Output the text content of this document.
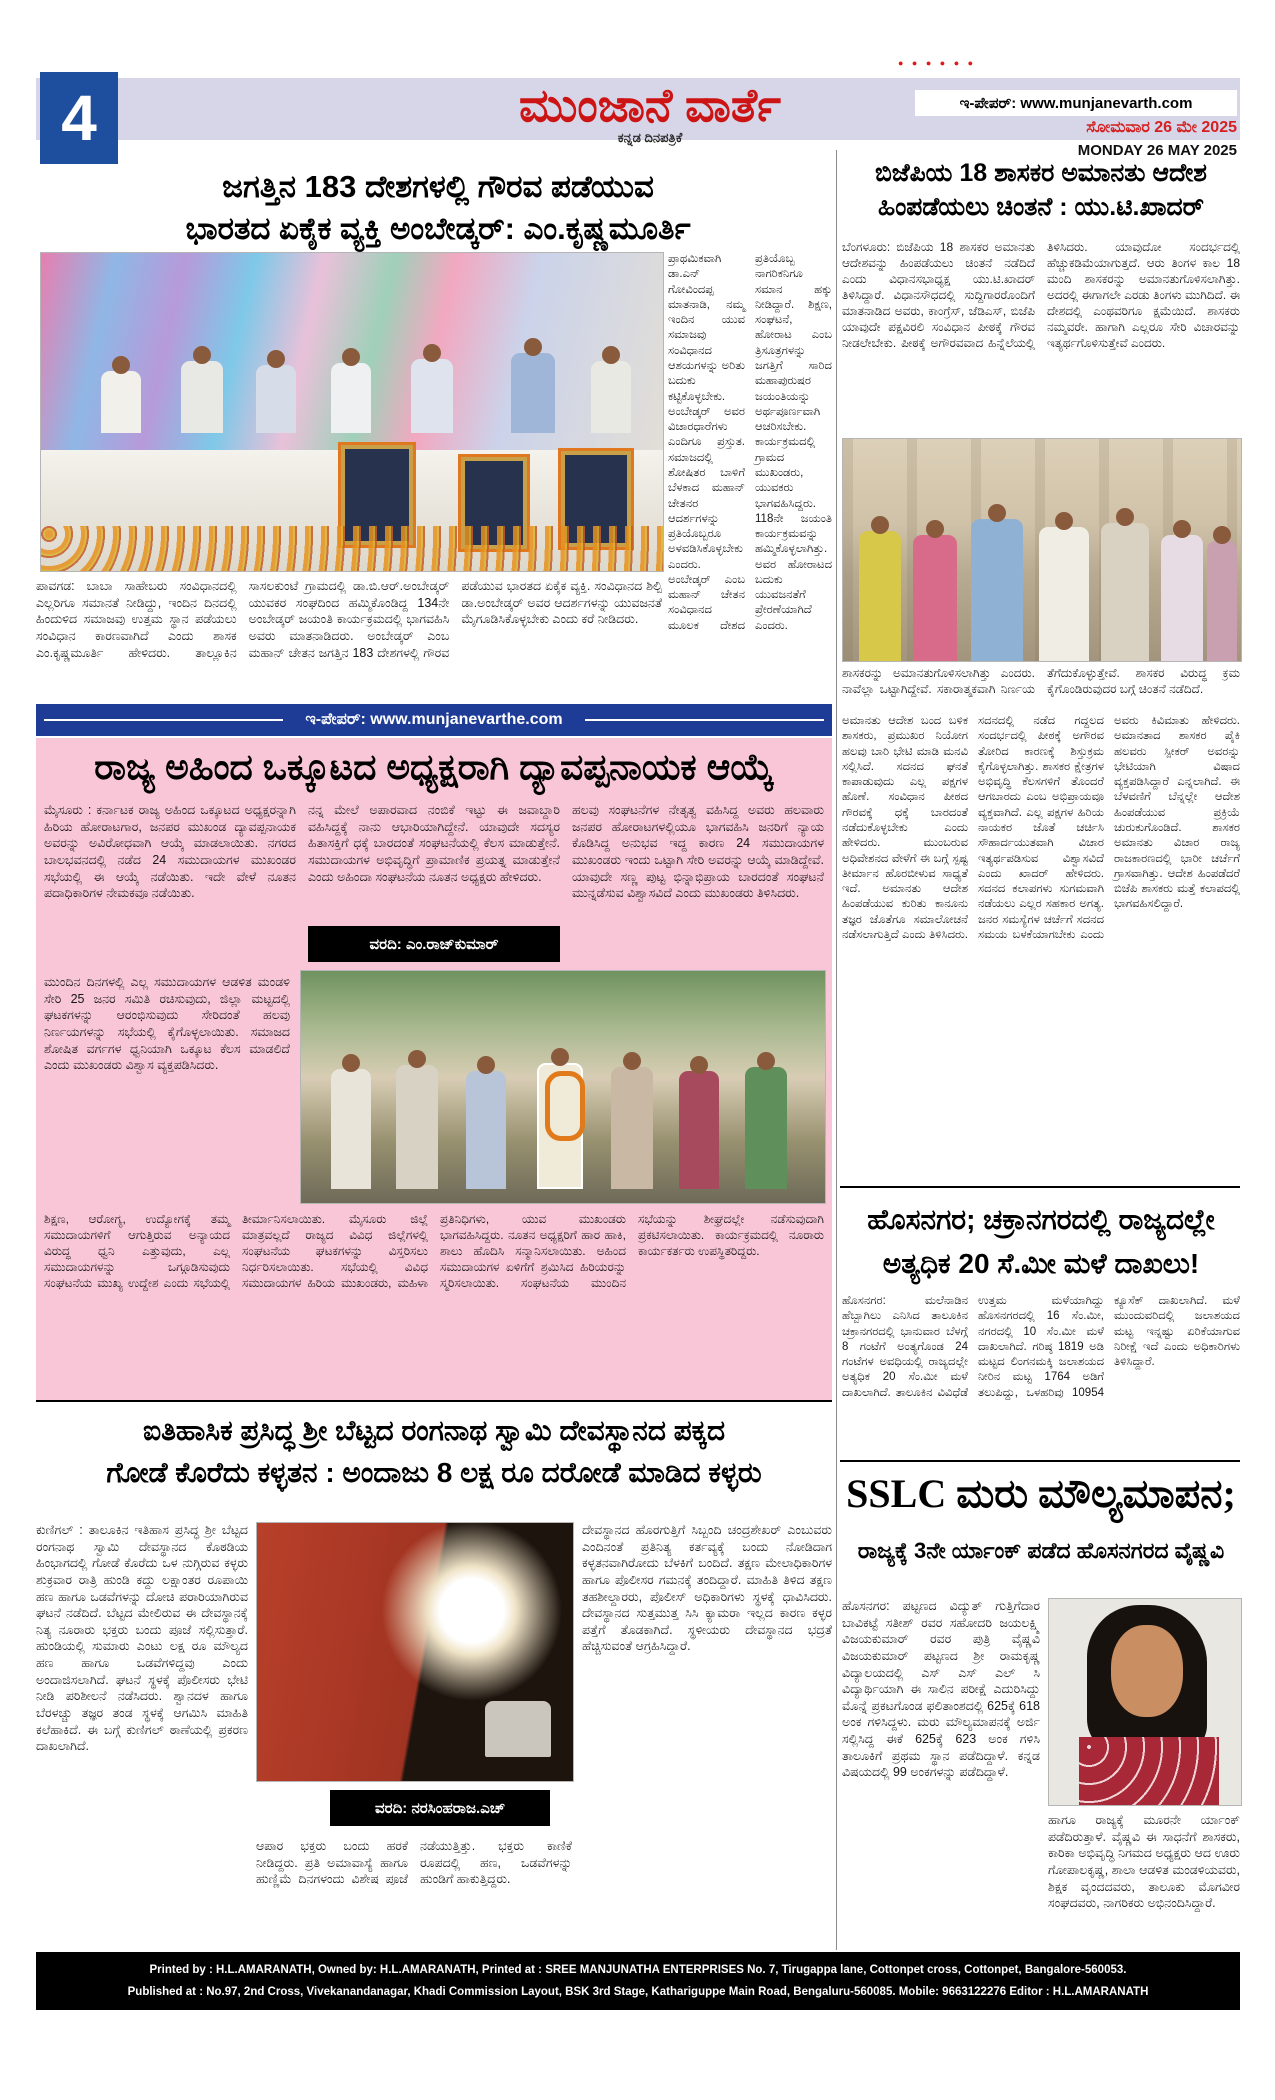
4
● ● ● ● ● ●
ಮುಂಜಾನೆ ವಾರ್ತೆ
ಕನ್ನಡ ದಿನಪತ್ರಿಕೆ
ಇ-ಪೇಪರ್: www.munjanevarth.com
ಸೋಮವಾರ 26 ಮೇ 2025
MONDAY 26 MAY 2025
ಜಗತ್ತಿನ 183 ದೇಶಗಳಲ್ಲಿ ಗೌರವ ಪಡೆಯುವ
ಭಾರತದ ಏಕೈಕ ವ್ಯಕ್ತಿ ಅಂಬೇಡ್ಕರ್: ಎಂ.ಕೃಷ್ಣಮೂರ್ತಿ
ಪ್ರಾಥಮಿಕವಾಗಿ ಡಾ.ಎನ್ ಗೋವಿಂದಪ್ಪ ಮಾತನಾಡಿ, ನಮ್ಮ ಇಂದಿನ ಯುವ ಸಮಾಜವು ಸಂವಿಧಾನದ ಆಶಯಗಳನ್ನು ಅರಿತು ಬದುಕು ಕಟ್ಟಿಕೊಳ್ಳಬೇಕು. ಅಂಬೇಡ್ಕರ್ ಅವರ ವಿಚಾರಧಾರೆಗಳು ಎಂದಿಗೂ ಪ್ರಸ್ತುತ. ಸಮಾಜದಲ್ಲಿ ಶೋಷಿತರ ಬಾಳಿಗೆ ಬೆಳಕಾದ ಮಹಾನ್ ಚೇತನರ ಆದರ್ಶಗಳನ್ನು ಪ್ರತಿಯೊಬ್ಬರೂ ಅಳವಡಿಸಿಕೊಳ್ಳಬೇಕು ಎಂದರು. ಅಂಬೇಡ್ಕರ್ ಎಂಬ ಮಹಾನ್ ಚೇತನ ಸಂವಿಧಾನದ ಮೂಲಕ ದೇಶದ ಪ್ರತಿಯೊಬ್ಬ ನಾಗರಿಕನಿಗೂ ಸಮಾನ ಹಕ್ಕು ನೀಡಿದ್ದಾರೆ. ಶಿಕ್ಷಣ, ಸಂಘಟನೆ, ಹೋರಾಟ ಎಂಬ ತ್ರಿಸೂತ್ರಗಳನ್ನು ಜಗತ್ತಿಗೆ ಸಾರಿದ ಮಹಾಪುರುಷರ ಜಯಂತಿಯನ್ನು ಅರ್ಥಪೂರ್ಣವಾಗಿ ಆಚರಿಸಬೇಕು. ಕಾರ್ಯಕ್ರಮದಲ್ಲಿ ಗ್ರಾಮದ ಮುಖಂಡರು, ಯುವಕರು ಭಾಗವಹಿಸಿದ್ದರು. 118ನೇ ಜಯಂತಿ ಕಾರ್ಯಕ್ರಮವನ್ನು ಹಮ್ಮಿಕೊಳ್ಳಲಾಗಿತ್ತು. ಅವರ ಹೋರಾಟದ ಬದುಕು ಯುವಜನತೆಗೆ ಪ್ರೇರಣೆಯಾಗಿದೆ ಎಂದರು.
ಪಾವಗಡ: ಬಾಬಾ ಸಾಹೇಬರು ಸಂವಿಧಾನದಲ್ಲಿ ಎಲ್ಲರಿಗೂ ಸಮಾನತೆ ನೀಡಿದ್ದು, ಇಂದಿನ ದಿನದಲ್ಲಿ ಹಿಂದುಳಿದ ಸಮಾಜವು ಉತ್ತಮ ಸ್ಥಾನ ಪಡೆಯಲು ಸಂವಿಧಾನ ಕಾರಣವಾಗಿದೆ ಎಂದು ಶಾಸಕ ಎಂ.ಕೃಷ್ಣಮೂರ್ತಿ ಹೇಳಿದರು. ತಾಲ್ಲೂಕಿನ ಸಾಸಲಕುಂಟೆ ಗ್ರಾಮದಲ್ಲಿ ಡಾ.ಬಿ.ಆರ್.ಅಂಬೇಡ್ಕರ್ ಯುವಕರ ಸಂಘದಿಂದ ಹಮ್ಮಿಕೊಂಡಿದ್ದ 134ನೇ ಅಂಬೇಡ್ಕರ್ ಜಯಂತಿ ಕಾರ್ಯಕ್ರಮದಲ್ಲಿ ಭಾಗವಹಿಸಿ ಅವರು ಮಾತನಾಡಿದರು. ಅಂಬೇಡ್ಕರ್ ಎಂಬ ಮಹಾನ್ ಚೇತನ ಜಗತ್ತಿನ 183 ದೇಶಗಳಲ್ಲಿ ಗೌರವ ಪಡೆಯುವ ಭಾರತದ ಏಕೈಕ ವ್ಯಕ್ತಿ. ಸಂವಿಧಾನದ ಶಿಲ್ಪಿ ಡಾ.ಅಂಬೇಡ್ಕರ್ ಅವರ ಆದರ್ಶಗಳನ್ನು ಯುವಜನತೆ ಮೈಗೂಡಿಸಿಕೊಳ್ಳಬೇಕು ಎಂದು ಕರೆ ನೀಡಿದರು.
ಇ-ಪೇಪರ್: www.munjanevarthe.com
ರಾಜ್ಯ ಅಹಿಂದ ಒಕ್ಕೂಟದ ಅಧ್ಯಕ್ಷರಾಗಿ ದ್ಯಾವಪ್ಪನಾಯಕ ಆಯ್ಕೆ
ಮೈಸೂರು : ಕರ್ನಾಟಕ ರಾಜ್ಯ ಅಹಿಂದ ಒಕ್ಕೂಟದ ಅಧ್ಯಕ್ಷರನ್ನಾಗಿ ಹಿರಿಯ ಹೋರಾಟಗಾರ, ಜನಪರ ಮುಖಂಡ ದ್ಯಾವಪ್ಪನಾಯಕ ಅವರನ್ನು ಅವಿರೋಧವಾಗಿ ಆಯ್ಕೆ ಮಾಡಲಾಯಿತು. ನಗರದ ಬಾಲಭವನದಲ್ಲಿ ನಡೆದ 24 ಸಮುದಾಯಗಳ ಮುಖಂಡರ ಸಭೆಯಲ್ಲಿ ಈ ಆಯ್ಕೆ ನಡೆಯಿತು. ಇದೇ ವೇಳೆ ನೂತನ ಪದಾಧಿಕಾರಿಗಳ ನೇಮಕವೂ ನಡೆಯಿತು.
ನನ್ನ ಮೇಲೆ ಅಪಾರವಾದ ನಂಬಿಕೆ ಇಟ್ಟು ಈ ಜವಾಬ್ದಾರಿ ವಹಿಸಿದ್ದಕ್ಕೆ ನಾನು ಆಭಾರಿಯಾಗಿದ್ದೇನೆ. ಯಾವುದೇ ಸದಸ್ಯರ ಹಿತಾಸಕ್ತಿಗೆ ಧಕ್ಕೆ ಬಾರದಂತೆ ಸಂಘಟನೆಯಲ್ಲಿ ಕೆಲಸ ಮಾಡುತ್ತೇನೆ. ಸಮುದಾಯಗಳ ಅಭಿವೃದ್ಧಿಗೆ ಪ್ರಾಮಾಣಿಕ ಪ್ರಯತ್ನ ಮಾಡುತ್ತೇನೆ ಎಂದು ಅಹಿಂದಾ ಸಂಘಟನೆಯ ನೂತನ ಅಧ್ಯಕ್ಷರು ಹೇಳಿದರು.
ವರದಿ: ಎಂ.ರಾಜ್‌ಕುಮಾರ್
ಹಲವು ಸಂಘಟನೆಗಳ ನೇತೃತ್ವ ವಹಿಸಿದ್ದ ಅವರು ಹಲವಾರು ಜನಪರ ಹೋರಾಟಗಳಲ್ಲಿಯೂ ಭಾಗವಹಿಸಿ ಜನರಿಗೆ ನ್ಯಾಯ ಕೊಡಿಸಿದ್ದ ಅನುಭವ ಇದ್ದ ಕಾರಣ 24 ಸಮುದಾಯಗಳ ಮುಖಂಡರು ಇಂದು ಒಟ್ಟಾಗಿ ಸೇರಿ ಅವರನ್ನು ಆಯ್ಕೆ ಮಾಡಿದ್ದೇವೆ. ಯಾವುದೇ ಸಣ್ಣ ಪುಟ್ಟ ಭಿನ್ನಾಭಿಪ್ರಾಯ ಬಾರದಂತೆ ಸಂಘಟನೆ ಮುನ್ನಡೆಸುವ ವಿಶ್ವಾಸವಿದೆ ಎಂದು ಮುಖಂಡರು ತಿಳಿಸಿದರು.
ಮುಂದಿನ ದಿನಗಳಲ್ಲಿ ಎಲ್ಲ ಸಮುದಾಯಗಳ ಆಡಳಿತ ಮಂಡಳಿ ಸೇರಿ 25 ಜನರ ಸಮಿತಿ ರಚಿಸುವುದು, ಜಿಲ್ಲಾ ಮಟ್ಟದಲ್ಲಿ ಘಟಕಗಳನ್ನು ಆರಂಭಿಸುವುದು ಸೇರಿದಂತೆ ಹಲವು ನಿರ್ಣಯಗಳನ್ನು ಸಭೆಯಲ್ಲಿ ಕೈಗೊಳ್ಳಲಾಯಿತು. ಸಮಾಜದ ಶೋಷಿತ ವರ್ಗಗಳ ಧ್ವನಿಯಾಗಿ ಒಕ್ಕೂಟ ಕೆಲಸ ಮಾಡಲಿದೆ ಎಂದು ಮುಖಂಡರು ವಿಶ್ವಾಸ ವ್ಯಕ್ತಪಡಿಸಿದರು.
ಶಿಕ್ಷಣ, ಆರೋಗ್ಯ, ಉದ್ಯೋಗಕ್ಕೆ ತಮ್ಮ ಸಮುದಾಯಗಳಿಗೆ ಆಗುತ್ತಿರುವ ಅನ್ಯಾಯದ ವಿರುದ್ಧ ಧ್ವನಿ ಎತ್ತುವುದು, ಎಲ್ಲ ಸಮುದಾಯಗಳನ್ನು ಒಗ್ಗೂಡಿಸುವುದು ಸಂಘಟನೆಯ ಮುಖ್ಯ ಉದ್ದೇಶ ಎಂದು ಸಭೆಯಲ್ಲಿ ತೀರ್ಮಾನಿಸಲಾಯಿತು. ಮೈಸೂರು ಜಿಲ್ಲೆ ಮಾತ್ರವಲ್ಲದೆ ರಾಜ್ಯದ ವಿವಿಧ ಜಿಲ್ಲೆಗಳಲ್ಲಿ ಸಂಘಟನೆಯ ಘಟಕಗಳನ್ನು ವಿಸ್ತರಿಸಲು ನಿರ್ಧರಿಸಲಾಯಿತು. ಸಭೆಯಲ್ಲಿ ವಿವಿಧ ಸಮುದಾಯಗಳ ಹಿರಿಯ ಮುಖಂಡರು, ಮಹಿಳಾ ಪ್ರತಿನಿಧಿಗಳು, ಯುವ ಮುಖಂಡರು ಭಾಗವಹಿಸಿದ್ದರು. ನೂತನ ಅಧ್ಯಕ್ಷರಿಗೆ ಹಾರ ಹಾಕಿ, ಶಾಲು ಹೊದಿಸಿ ಸನ್ಮಾನಿಸಲಾಯಿತು. ಅಹಿಂದ ಸಮುದಾಯಗಳ ಏಳಿಗೆಗೆ ಶ್ರಮಿಸಿದ ಹಿರಿಯರನ್ನು ಸ್ಮರಿಸಲಾಯಿತು. ಸಂಘಟನೆಯ ಮುಂದಿನ ಸಭೆಯನ್ನು ಶೀಘ್ರದಲ್ಲೇ ನಡೆಸುವುದಾಗಿ ಪ್ರಕಟಿಸಲಾಯಿತು. ಕಾರ್ಯಕ್ರಮದಲ್ಲಿ ನೂರಾರು ಕಾರ್ಯಕರ್ತರು ಉಪಸ್ಥಿತರಿದ್ದರು.
ಐತಿಹಾಸಿಕ ಪ್ರಸಿದ್ಧ ಶ್ರೀ ಬೆಟ್ಟದ ರಂಗನಾಥ ಸ್ವಾಮಿ ದೇವಸ್ಥಾನದ ಪಕ್ಕದ
ಗೋಡೆ ಕೊರೆದು ಕಳ್ಳತನ : ಅಂದಾಜು 8 ಲಕ್ಷ ರೂ ದರೋಡೆ ಮಾಡಿದ ಕಳ್ಳರು
ಕುಣಿಗಲ್ : ತಾಲೂಕಿನ ಇತಿಹಾಸ ಪ್ರಸಿದ್ಧ ಶ್ರೀ ಬೆಟ್ಟದ ರಂಗನಾಥ ಸ್ವಾಮಿ ದೇವಸ್ಥಾನದ ಕೊಠಡಿಯ ಹಿಂಭಾಗದಲ್ಲಿ ಗೋಡೆ ಕೊರೆದು ಒಳ ನುಗ್ಗಿರುವ ಕಳ್ಳರು ಶುಕ್ರವಾರ ರಾತ್ರಿ ಹುಂಡಿ ಕದ್ದು ಲಕ್ಷಾಂತರ ರೂಪಾಯಿ ಹಣ ಹಾಗೂ ಒಡವೆಗಳನ್ನು ದೋಚಿ ಪರಾರಿಯಾಗಿರುವ ಘಟನೆ ನಡೆದಿದೆ. ಬೆಟ್ಟದ ಮೇಲಿರುವ ಈ ದೇವಸ್ಥಾನಕ್ಕೆ ನಿತ್ಯ ನೂರಾರು ಭಕ್ತರು ಬಂದು ಪೂಜೆ ಸಲ್ಲಿಸುತ್ತಾರೆ. ಹುಂಡಿಯಲ್ಲಿ ಸುಮಾರು ಎಂಟು ಲಕ್ಷ ರೂ ಮೌಲ್ಯದ ಹಣ ಹಾಗೂ ಒಡವೆಗಳಿದ್ದವು ಎಂದು ಅಂದಾಜಿಸಲಾಗಿದೆ. ಘಟನೆ ಸ್ಥಳಕ್ಕೆ ಪೊಲೀಸರು ಭೇಟಿ ನೀಡಿ ಪರಿಶೀಲನೆ ನಡೆಸಿದರು. ಶ್ವಾನದಳ ಹಾಗೂ ಬೆರಳಚ್ಚು ತಜ್ಞರ ತಂಡ ಸ್ಥಳಕ್ಕೆ ಆಗಮಿಸಿ ಮಾಹಿತಿ ಕಲೆಹಾಕಿದೆ. ಈ ಬಗ್ಗೆ ಕುಣಿಗಲ್ ಠಾಣೆಯಲ್ಲಿ ಪ್ರಕರಣ ದಾಖಲಾಗಿದೆ.
ವರದಿ: ನರಸಿಂಹರಾಜ.ಎಚ್
ಆಪಾರ ಭಕ್ತರು ಬಂದು ಹರಕೆ ನೀಡಿದ್ದರು. ಪ್ರತಿ ಅಮಾವಾಸ್ಯೆ ಹಾಗೂ ಹುಣ್ಣಿಮೆ ದಿನಗಳಂದು ವಿಶೇಷ ಪೂಜೆ ನಡೆಯುತ್ತಿತ್ತು. ಭಕ್ತರು ಕಾಣಿಕೆ ರೂಪದಲ್ಲಿ ಹಣ, ಒಡವೆಗಳನ್ನು ಹುಂಡಿಗೆ ಹಾಕುತ್ತಿದ್ದರು.
ದೇವಸ್ಥಾನದ ಹೊರಗುತ್ತಿಗೆ ಸಿಬ್ಬಂದಿ ಚಂದ್ರಶೇಖರ್ ಎಂಬುವರು ಎಂದಿನಂತೆ ಪ್ರತಿನಿತ್ಯ ಕರ್ತವ್ಯಕ್ಕೆ ಬಂದು ನೋಡಿದಾಗ ಕಳ್ಳತನವಾಗಿರೋದು ಬೆಳಕಿಗೆ ಬಂದಿದೆ. ತಕ್ಷಣ ಮೇಲಾಧಿಕಾರಿಗಳ ಹಾಗೂ ಪೊಲೀಸರ ಗಮನಕ್ಕೆ ತಂದಿದ್ದಾರೆ. ಮಾಹಿತಿ ತಿಳಿದ ತಕ್ಷಣ ತಹಶೀಲ್ದಾರರು, ಪೊಲೀಸ್ ಅಧಿಕಾರಿಗಳು ಸ್ಥಳಕ್ಕೆ ಧಾವಿಸಿದರು. ದೇವಸ್ಥಾನದ ಸುತ್ತಮುತ್ತ ಸಿಸಿ ಕ್ಯಾಮರಾ ಇಲ್ಲದ ಕಾರಣ ಕಳ್ಳರ ಪತ್ತೆಗೆ ತೊಡಕಾಗಿದೆ. ಸ್ಥಳೀಯರು ದೇವಸ್ಥಾನದ ಭದ್ರತೆ ಹೆಚ್ಚಿಸುವಂತೆ ಆಗ್ರಹಿಸಿದ್ದಾರೆ.
ಬಿಜೆಪಿಯ 18 ಶಾಸಕರ ಅಮಾನತು ಆದೇಶ
ಹಿಂಪಡೆಯಲು ಚಿಂತನೆ : ಯು.ಟಿ.ಖಾದರ್
ಬೆಂಗಳೂರು: ಬಿಜೆಪಿಯ 18 ಶಾಸಕರ ಅಮಾನತು ಆದೇಶವನ್ನು ಹಿಂಪಡೆಯಲು ಚಿಂತನೆ ನಡೆದಿದೆ ಎಂದು ವಿಧಾನಸಭಾಧ್ಯಕ್ಷ ಯು.ಟಿ.ಖಾದರ್ ತಿಳಿಸಿದ್ದಾರೆ. ವಿಧಾನಸೌಧದಲ್ಲಿ ಸುದ್ದಿಗಾರರೊಂದಿಗೆ ಮಾತನಾಡಿದ ಅವರು, ಕಾಂಗ್ರೆಸ್, ಜೆಡಿಎಸ್, ಬಿಜೆಪಿ ಯಾವುದೇ ಪಕ್ಷವಿರಲಿ ಸಂವಿಧಾನ ಪೀಠಕ್ಕೆ ಗೌರವ ನೀಡಲೇಬೇಕು. ಪೀಠಕ್ಕೆ ಅಗೌರವವಾದ ಹಿನ್ನೆಲೆಯಲ್ಲಿ ತಿಳಿಸಿದರು. ಯಾವುದೋ ಸಂದರ್ಭದಲ್ಲಿ ಹೆಚ್ಚುಕಡಿಮೆಯಾಗುತ್ತದೆ. ಆರು ತಿಂಗಳ ಕಾಲ 18 ಮಂದಿ ಶಾಸಕರನ್ನು ಅಮಾನತುಗೊಳಿಸಲಾಗಿತ್ತು. ಅದರಲ್ಲಿ ಈಗಾಗಲೇ ಎರಡು ತಿಂಗಳು ಮುಗಿದಿದೆ. ಈ ದೇಶದಲ್ಲಿ ಎಂಥವರಿಗೂ ಕ್ಷಮೆಯಿದೆ. ಶಾಸಕರು ನಮ್ಮವರೇ. ಹಾಗಾಗಿ ಎಲ್ಲರೂ ಸೇರಿ ವಿಚಾರವನ್ನು ಇತ್ಯರ್ಥಗೊಳಿಸುತ್ತೇವೆ ಎಂದರು.
ಶಾಸಕರನ್ನು ಅಮಾನತುಗೊಳಿಸಲಾಗಿತ್ತು ಎಂದರು. ನಾವೆಲ್ಲಾ ಒಟ್ಟಾಗಿದ್ದೇವೆ. ಸಕಾರಾತ್ಮಕವಾಗಿ ನಿರ್ಣಯ ತೆಗೆದುಕೊಳ್ಳುತ್ತೇವೆ. ಶಾಸಕರ ವಿರುದ್ಧ ಕ್ರಮ ಕೈಗೊಂಡಿರುವುದರ ಬಗ್ಗೆ ಚಿಂತನೆ ನಡೆದಿದೆ.
ಅಮಾನತು ಆದೇಶ ಬಂದ ಬಳಿಕ ಶಾಸಕರು, ಪ್ರಮುಖರ ನಿಯೋಗ ಹಲವು ಬಾರಿ ಭೇಟಿ ಮಾಡಿ ಮನವಿ ಸಲ್ಲಿಸಿದೆ. ಸದನದ ಘನತೆ ಕಾಪಾಡುವುದು ಎಲ್ಲ ಪಕ್ಷಗಳ ಹೊಣೆ. ಸಂವಿಧಾನ ಪೀಠದ ಗೌರವಕ್ಕೆ ಧಕ್ಕೆ ಬಾರದಂತೆ ನಡೆದುಕೊಳ್ಳಬೇಕು ಎಂದು ಹೇಳಿದರು. ಮುಂಬರುವ ಅಧಿವೇಶನದ ವೇಳೆಗೆ ಈ ಬಗ್ಗೆ ಸ್ಪಷ್ಟ ತೀರ್ಮಾನ ಹೊರಬೀಳುವ ಸಾಧ್ಯತೆ ಇದೆ. ಅಮಾನತು ಆದೇಶ ಹಿಂಪಡೆಯುವ ಕುರಿತು ಕಾನೂನು ತಜ್ಞರ ಜೊತೆಗೂ ಸಮಾಲೋಚನೆ ನಡೆಸಲಾಗುತ್ತಿದೆ ಎಂದು ತಿಳಿಸಿದರು. ಸದನದಲ್ಲಿ ನಡೆದ ಗದ್ದಲದ ಸಂದರ್ಭದಲ್ಲಿ ಪೀಠಕ್ಕೆ ಅಗೌರವ ತೋರಿದ ಕಾರಣಕ್ಕೆ ಶಿಸ್ತುಕ್ರಮ ಕೈಗೊಳ್ಳಲಾಗಿತ್ತು. ಶಾಸಕರ ಕ್ಷೇತ್ರಗಳ ಅಭಿವೃದ್ಧಿ ಕೆಲಸಗಳಿಗೆ ತೊಂದರೆ ಆಗಬಾರದು ಎಂಬ ಅಭಿಪ್ರಾಯವೂ ವ್ಯಕ್ತವಾಗಿದೆ. ಎಲ್ಲ ಪಕ್ಷಗಳ ಹಿರಿಯ ನಾಯಕರ ಜೊತೆ ಚರ್ಚಿಸಿ ಸೌಹಾರ್ದಯುತವಾಗಿ ವಿಚಾರ ಇತ್ಯರ್ಥಪಡಿಸುವ ವಿಶ್ವಾಸವಿದೆ ಎಂದು ಖಾದರ್ ಹೇಳಿದರು. ಸದನದ ಕಲಾಪಗಳು ಸುಗಮವಾಗಿ ನಡೆಯಲು ಎಲ್ಲರ ಸಹಕಾರ ಅಗತ್ಯ. ಜನರ ಸಮಸ್ಯೆಗಳ ಚರ್ಚೆಗೆ ಸದನದ ಸಮಯ ಬಳಕೆಯಾಗಬೇಕು ಎಂದು ಅವರು ಕಿವಿಮಾತು ಹೇಳಿದರು. ಅಮಾನತಾದ ಶಾಸಕರ ಪೈಕಿ ಹಲವರು ಸ್ಪೀಕರ್ ಅವರನ್ನು ಭೇಟಿಯಾಗಿ ವಿಷಾದ ವ್ಯಕ್ತಪಡಿಸಿದ್ದಾರೆ ಎನ್ನಲಾಗಿದೆ. ಈ ಬೆಳವಣಿಗೆ ಬೆನ್ನಲ್ಲೇ ಆದೇಶ ಹಿಂಪಡೆಯುವ ಪ್ರಕ್ರಿಯೆ ಚುರುಕುಗೊಂಡಿದೆ. ಶಾಸಕರ ಅಮಾನತು ವಿಚಾರ ರಾಜ್ಯ ರಾಜಕಾರಣದಲ್ಲಿ ಭಾರೀ ಚರ್ಚೆಗೆ ಗ್ರಾಸವಾಗಿತ್ತು. ಆದೇಶ ಹಿಂಪಡೆದರೆ ಬಿಜೆಪಿ ಶಾಸಕರು ಮತ್ತೆ ಕಲಾಪದಲ್ಲಿ ಭಾಗವಹಿಸಲಿದ್ದಾರೆ.
ಹೊಸನಗರ; ಚಕ್ರಾನಗರದಲ್ಲಿ ರಾಜ್ಯದಲ್ಲೇ
ಅತ್ಯಧಿಕ 20 ಸೆ.ಮೀ ಮಳೆ ದಾಖಲು!
ಹೊಸನಗರ: ಮಲೆನಾಡಿನ ಹೆಬ್ಬಾಗಿಲು ಎನಿಸಿದ ತಾಲೂಕಿನ ಚಕ್ರಾನಗರದಲ್ಲಿ ಭಾನುವಾರ ಬೆಳಗ್ಗೆ 8 ಗಂಟೆಗೆ ಅಂತ್ಯಗೊಂಡ 24 ಗಂಟೆಗಳ ಅವಧಿಯಲ್ಲಿ ರಾಜ್ಯದಲ್ಲೇ ಅತ್ಯಧಿಕ 20 ಸೆಂ.ಮೀ ಮಳೆ ದಾಖಲಾಗಿದೆ. ತಾಲೂಕಿನ ವಿವಿಧೆಡೆ ಉತ್ತಮ ಮಳೆಯಾಗಿದ್ದು ಹೊಸನಗರದಲ್ಲಿ 16 ಸೆಂ.ಮೀ, ನಗರದಲ್ಲಿ 10 ಸೆಂ.ಮೀ ಮಳೆ ದಾಖಲಾಗಿದೆ. ಗರಿಷ್ಠ 1819 ಅಡಿ ಮಟ್ಟದ ಲಿಂಗನಮಕ್ಕಿ ಜಲಾಶಯದ ನೀರಿನ ಮಟ್ಟ 1764 ಅಡಿಗೆ ತಲುಪಿದ್ದು, ಒಳಹರಿವು 10954 ಕ್ಯೂಸೆಕ್ ದಾಖಲಾಗಿದೆ. ಮಳೆ ಮುಂದುವರಿದಲ್ಲಿ ಜಲಾಶಯದ ಮಟ್ಟ ಇನ್ನಷ್ಟು ಏರಿಕೆಯಾಗುವ ನಿರೀಕ್ಷೆ ಇದೆ ಎಂದು ಅಧಿಕಾರಿಗಳು ತಿಳಿಸಿದ್ದಾರೆ.
SSLC ಮರು ಮೌಲ್ಯಮಾಪನ;
ರಾಜ್ಯಕ್ಕೆ 3ನೇ ರ್ಯಾಂಕ್ ಪಡೆದ ಹೊಸನಗರದ ವೈಷ್ಣವಿ
ಹೊಸನಗರ: ಪಟ್ಟಣದ ವಿದ್ಯುತ್ ಗುತ್ತಿಗೆದಾರ ಬಾವಿಕಟ್ಟೆ ಸತೀಶ್ ರವರ ಸಹೋದರಿ ಜಯಲಕ್ಷ್ಮಿ ವಿಜಯಕುಮಾರ್ ರವರ ಪುತ್ರಿ ವೈಷ್ಣವಿ ವಿಜಯಕುಮಾರ್ ಪಟ್ಟಣದ ಶ್ರೀ ರಾಮಕೃಷ್ಣ ವಿದ್ಯಾಲಯದಲ್ಲಿ ಎಸ್ ಎಸ್ ಎಲ್ ಸಿ ವಿದ್ಯಾರ್ಥಿಯಾಗಿ ಈ ಸಾಲಿನ ಪರೀಕ್ಷೆ ಎದುರಿಸಿದ್ದು ಮೊನ್ನೆ ಪ್ರಕಟಗೊಂಡ ಫಲಿತಾಂಶದಲ್ಲಿ 625ಕ್ಕೆ 618 ಅಂಕ ಗಳಿಸಿದ್ದಳು. ಮರು ಮೌಲ್ಯಮಾಪನಕ್ಕೆ ಅರ್ಜಿ ಸಲ್ಲಿಸಿದ್ದ ಈಕೆ 625ಕ್ಕೆ 623 ಅಂಕ ಗಳಿಸಿ ತಾಲೂಕಿಗೆ ಪ್ರಥಮ ಸ್ಥಾನ ಪಡೆದಿದ್ದಾಳೆ. ಕನ್ನಡ ವಿಷಯದಲ್ಲಿ 99 ಅಂಕಗಳನ್ನು ಪಡೆದಿದ್ದಾಳೆ.
ಹಾಗೂ ರಾಜ್ಯಕ್ಕೆ ಮೂರನೇ ರ್ಯಾಂಕ್ ಪಡೆದಿರುತ್ತಾಳೆ. ವೈಷ್ಣವಿ ಈ ಸಾಧನೆಗೆ ಶಾಸಕರು, ಕಾರಿಕಾ ಅಭಿವೃದ್ಧಿ ನಿಗಮದ ಅಧ್ಯಕ್ಷರು ಆದ ಊರು ಗೋಪಾಲಕೃಷ್ಣ, ಶಾಲಾ ಆಡಳಿತ ಮಂಡಳಿಯವರು, ಶಿಕ್ಷಕ ವೃಂದದವರು, ತಾಲೂಕು ಮೊಗವೀರ ಸಂಘದವರು, ನಾಗರಿಕರು ಅಭಿನಂದಿಸಿದ್ದಾರೆ.
Printed by : H.L.AMARANATH, Owned by: H.L.AMARANATH, Printed at : SREE MANJUNATHA ENTERPRISES No. 7, Tirugappa lane, Cottonpet cross, Cottonpet, Bangalore-560053.
Published at : No.97, 2nd Cross, Vivekanandanagar, Khadi Commission Layout, BSK 3rd Stage, Kathariguppe Main Road, Bengaluru-560085. Mobile: 9663122276 Editor : H.L.AMARANATH
